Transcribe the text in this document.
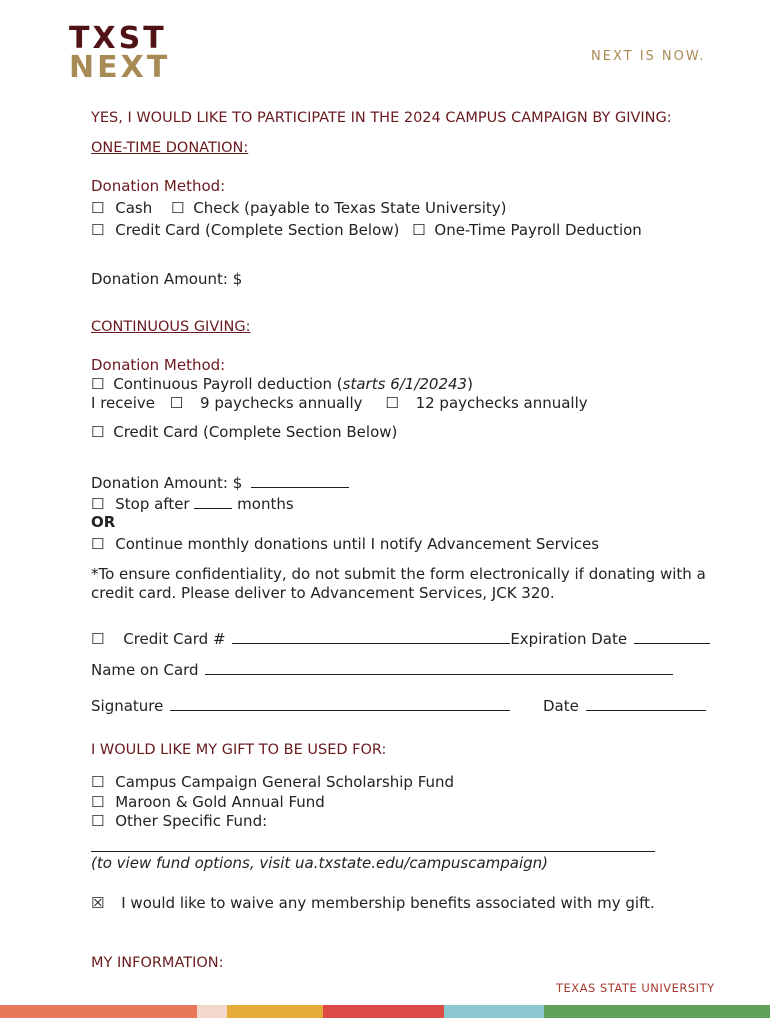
TXST
NEXT	NEXT IS NOW.
YES, I WOULD LIKE TO PARTICIPATE IN THE 2024 CAMPUS CAMPAIGN BY GIVING:
ONE-TIME DONATION:
Donation Method:
☐ Cash ☐ Check (payable to Texas State University)
☐ Credit Card (Complete Section Below) ☐ One-Time Payroll Deduction
Donation Amount: $
CONTINUOUS GIVING:
Donation Method:
☐ Continuous Payroll deduction (starts 6/1/20243)
I receive ☐ 9 paychecks annually ☐ 12 paychecks annually
☐ Credit Card (Complete Section Below)
Donation Amount: $
☐ Stop after	months
OR
☐ Continue monthly donations until I notify Advancement Services
*To ensure confidentiality, do not submit the form electronically if donating with a
credit card. Please deliver to Advancement Services, JCK 320.
☐ Credit Card #	Expiration Date
Name on Card
Signature	Date
I WOULD LIKE MY GIFT TO BE USED FOR:
☐ Campus Campaign General Scholarship Fund
☐ Maroon & Gold Annual Fund
☐ Other Specific Fund:
(to view fund options, visit ua.txstate.edu/campuscampaign)
☒ I would like to waive any membership benefits associated with my gift.
MY INFORMATION:
TEXAS STATE UNIVERSITY
